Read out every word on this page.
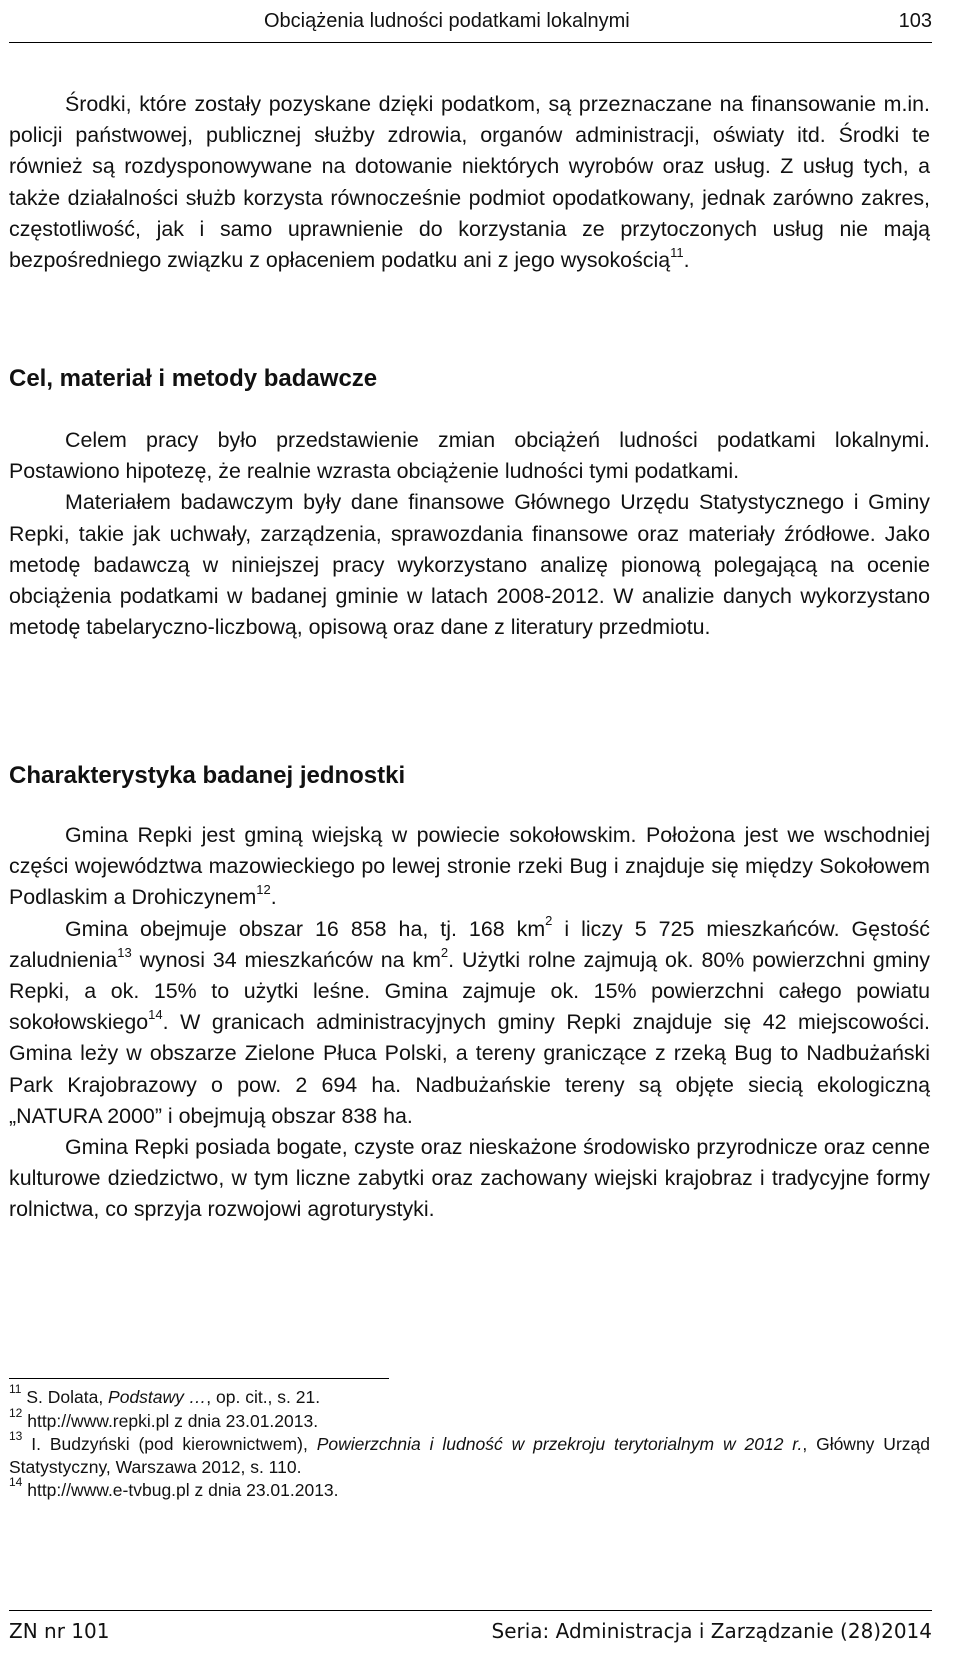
Obciążenia ludności podatkami lokalnymi	103

Środki, które zostały pozyskane dzięki podatkom, są przeznaczane na finansowanie m.in. policji państwowej, publicznej służby zdrowia, organów administracji, oświaty itd. Środki te również są rozdysponowywane na dotowanie niektórych wyrobów oraz usług. Z usług tych, a także działalności służb korzysta równocześnie podmiot opodatkowany, jednak zarówno zakres, częstotliwość, jak i samo uprawnienie do korzystania ze przytoczonych usług nie mają bezpośredniego związku z opłaceniem podatku ani z jego wysokością$^{11}$.

Cel, materiał i metody badawcze

Celem pracy było przedstawienie zmian obciążeń ludności podatkami lokalnymi. Postawiono hipotezę, że realnie wzrasta obciążenie ludności tymi podatkami.

Materiałem badawczym były dane finansowe Głównego Urzędu Statystycznego i Gminy Repki, takie jak uchwały, zarządzenia, sprawozdania finansowe oraz materiały źródłowe. Jako metodę badawczą w niniejszej pracy wykorzystano analizę pionową polegającą na ocenie obciążenia podatkami w badanej gminie w latach 2008-2012. W analizie danych wykorzystano metodę tabelaryczno-liczbową, opisową oraz dane z literatury przedmiotu.

Charakterystyka badanej jednostki

Gmina Repki jest gminą wiejską w powiecie sokołowskim. Położona jest we wschodniej części województwa mazowieckiego po lewej stronie rzeki Bug i znajduje się między Sokołowem Podlaskim a Drohiczynem$^{12}$.

Gmina obejmuje obszar 16 858 ha, tj. 168 $km^2$ i liczy 5 725 mieszkańców. Gęstość zaludnienia$^{13}$ wynosi 34 mieszkańców na $km^2$. Użytki rolne zajmują ok. 80% powierzchni gminy Repki, a ok. 15% to użytki leśne. Gmina zajmuje ok. 15% powierzchni całego powiatu sokołowskiego$^{14}$. W granicach administracyjnych gminy Repki znajduje się 42 miejscowości. Gmina leży w obszarze Zielone Płuca Polski, a tereny graniczące z rzeką Bug to Nadbużański Park Krajobrazowy o pow. 2 694 ha. Nadbużańskie tereny są objęte siecią ekologiczną „NATURA 2000” i obejmują obszar 838 ha.

Gmina Repki posiada bogate, czyste oraz nieskażone środowisko przyrodnicze oraz cenne kulturowe dziedzictwo, w tym liczne zabytki oraz zachowany wiejski krajobraz i tradycyjne formy rolnictwa, co sprzyja rozwojowi agroturystyki.

$^{11}$ S. Dolata, Podstawy …, op. cit., s. 21.

$^{12}$ http://www.repki.pl z dnia 23.01.2013.

$^{13}$ I. Budzyński (pod kierownictwem), Powierzchnia i ludność w przekroju terytorialnym w 2012 r., Główny Urząd Statystyczny, Warszawa 2012, s. 110.

$^{14}$ http://www.e-tvbug.pl z dnia 23.01.2013.

ZN nr 101	Seria: Administracja i Zarządzanie (28)2014
